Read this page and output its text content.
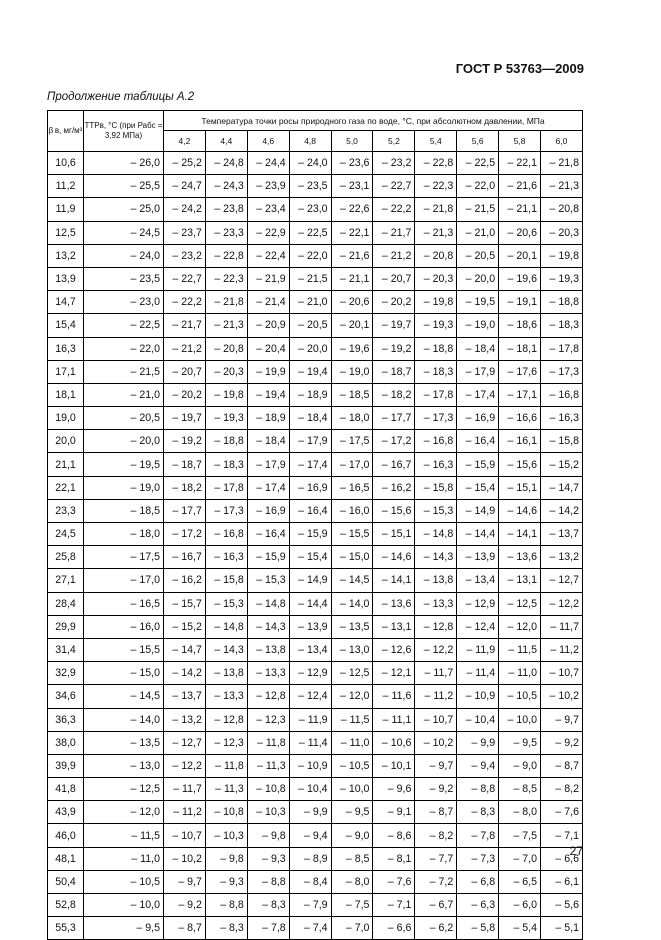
ГОСТ Р 53763—2009
Продолжение таблицы А.2
β в, мг/м³	ТТРв, °С (при Рабс = 3,92 МПа)	Температура точки росы природного газа по воде, °С, при абсолютном давлении, МПа									
		4,2	4,4	4,6	4,8	5,0	5,2	5,4	5,6	5,8	6,0
10,6	– 26,0	– 25,2	– 24,8	– 24,4	– 24,0	– 23,6	– 23,2	– 22,8	– 22,5	– 22,1	– 21,8
11,2	– 25,5	– 24,7	– 24,3	– 23,9	– 23,5	– 23,1	– 22,7	– 22,3	– 22,0	– 21,6	– 21,3
11,9	– 25,0	– 24,2	– 23,8	– 23,4	– 23,0	– 22,6	– 22,2	– 21,8	– 21,5	– 21,1	– 20,8
12,5	– 24,5	– 23,7	– 23,3	– 22,9	– 22,5	– 22,1	– 21,7	– 21,3	– 21,0	– 20,6	– 20,3
13,2	– 24,0	– 23,2	– 22,8	– 22,4	– 22,0	– 21,6	– 21,2	– 20,8	– 20,5	– 20,1	– 19,8
13,9	– 23,5	– 22,7	– 22,3	– 21,9	– 21,5	– 21,1	– 20,7	– 20,3	– 20,0	– 19,6	– 19,3
14,7	– 23,0	– 22,2	– 21,8	– 21,4	– 21,0	– 20,6	– 20,2	– 19,8	– 19,5	– 19,1	– 18,8
15,4	– 22,5	– 21,7	– 21,3	– 20,9	– 20,5	– 20,1	– 19,7	– 19,3	– 19,0	– 18,6	– 18,3
16,3	– 22,0	– 21,2	– 20,8	– 20,4	– 20,0	– 19,6	– 19,2	– 18,8	– 18,4	– 18,1	– 17,8
17,1	– 21,5	– 20,7	– 20,3	– 19,9	– 19,4	– 19,0	– 18,7	– 18,3	– 17,9	– 17,6	– 17,3
18,1	– 21,0	– 20,2	– 19,8	– 19,4	– 18,9	– 18,5	– 18,2	– 17,8	– 17,4	– 17,1	– 16,8
19,0	– 20,5	– 19,7	– 19,3	– 18,9	– 18,4	– 18,0	– 17,7	– 17,3	– 16,9	– 16,6	– 16,3
20,0	– 20,0	– 19,2	– 18,8	– 18,4	– 17,9	– 17,5	– 17,2	– 16,8	– 16,4	– 16,1	– 15,8
21,1	– 19,5	– 18,7	– 18,3	– 17,9	– 17,4	– 17,0	– 16,7	– 16,3	– 15,9	– 15,6	– 15,2
22,1	– 19,0	– 18,2	– 17,8	– 17,4	– 16,9	– 16,5	– 16,2	– 15,8	– 15,4	– 15,1	– 14,7
23,3	– 18,5	– 17,7	– 17,3	– 16,9	– 16,4	– 16,0	– 15,6	– 15,3	– 14,9	– 14,6	– 14,2
24,5	– 18,0	– 17,2	– 16,8	– 16,4	– 15,9	– 15,5	– 15,1	– 14,8	– 14,4	– 14,1	– 13,7
25,8	– 17,5	– 16,7	– 16,3	– 15,9	– 15,4	– 15,0	– 14,6	– 14,3	– 13,9	– 13,6	– 13,2
27,1	– 17,0	– 16,2	– 15,8	– 15,3	– 14,9	– 14,5	– 14,1	– 13,8	– 13,4	– 13,1	– 12,7
28,4	– 16,5	– 15,7	– 15,3	– 14,8	– 14,4	– 14,0	– 13,6	– 13,3	– 12,9	– 12,5	– 12,2
29,9	– 16,0	– 15,2	– 14,8	– 14,3	– 13,9	– 13,5	– 13,1	– 12,8	– 12,4	– 12,0	– 11,7
31,4	– 15,5	– 14,7	– 14,3	– 13,8	– 13,4	– 13,0	– 12,6	– 12,2	– 11,9	– 11,5	– 11,2
32,9	– 15,0	– 14,2	– 13,8	– 13,3	– 12,9	– 12,5	– 12,1	– 11,7	– 11,4	– 11,0	– 10,7
34,6	– 14,5	– 13,7	– 13,3	– 12,8	– 12,4	– 12,0	– 11,6	– 11,2	– 10,9	– 10,5	– 10,2
36,3	– 14,0	– 13,2	– 12,8	– 12,3	– 11,9	– 11,5	– 11,1	– 10,7	– 10,4	– 10,0	– 9,7
38,0	– 13,5	– 12,7	– 12,3	– 11,8	– 11,4	– 11,0	– 10,6	– 10,2	– 9,9	– 9,5	– 9,2
39,9	– 13,0	– 12,2	– 11,8	– 11,3	– 10,9	– 10,5	– 10,1	– 9,7	– 9,4	– 9,0	– 8,7
41,8	– 12,5	– 11,7	– 11,3	– 10,8	– 10,4	– 10,0	– 9,6	– 9,2	– 8,8	– 8,5	– 8,2
43,9	– 12,0	– 11,2	– 10,8	– 10,3	– 9,9	– 9,5	– 9,1	– 8,7	– 8,3	– 8,0	– 7,6
46,0	– 11,5	– 10,7	– 10,3	– 9,8	– 9,4	– 9,0	– 8,6	– 8,2	– 7,8	– 7,5	– 7,1
48,1	– 11,0	– 10,2	– 9,8	– 9,3	– 8,9	– 8,5	– 8,1	– 7,7	– 7,3	– 7,0	– 6,6
50,4	– 10,5	– 9,7	– 9,3	– 8,8	– 8,4	– 8,0	– 7,6	– 7,2	– 6,8	– 6,5	– 6,1
52,8	– 10,0	– 9,2	– 8,8	– 8,3	– 7,9	– 7,5	– 7,1	– 6,7	– 6,3	– 6,0	– 5,6
55,3	– 9,5	– 8,7	– 8,3	– 7,8	– 7,4	– 7,0	– 6,6	– 6,2	– 5,8	– 5,4	– 5,1
27
